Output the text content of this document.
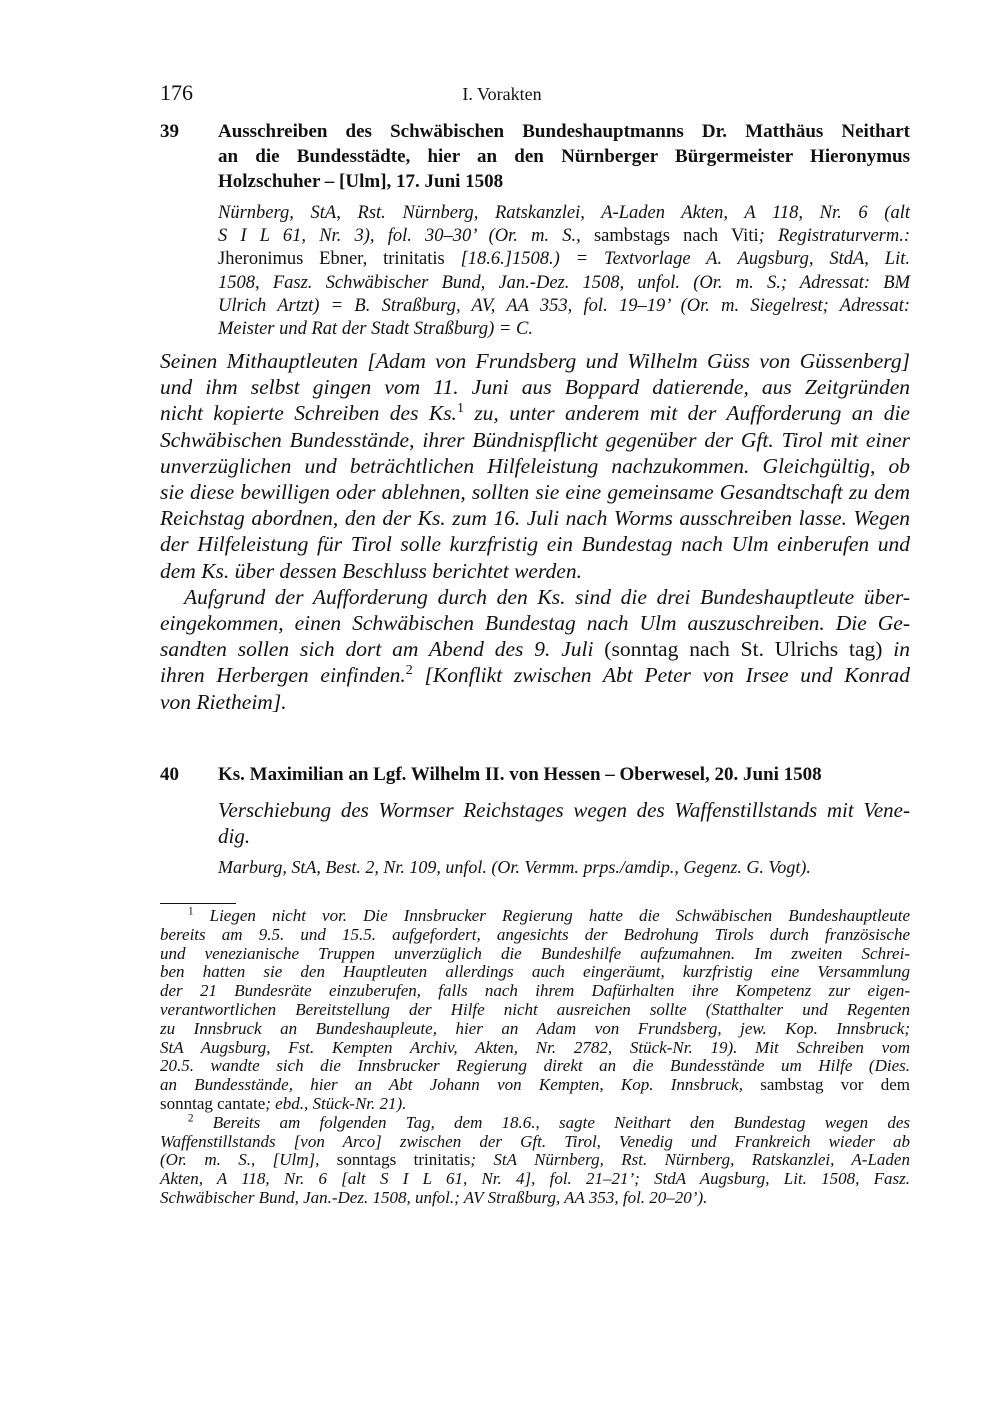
176	I. Vorakten
39 Ausschreiben des Schwäbischen Bundeshauptmanns Dr. Matthäus Neithart
an die Bundesstädte, hier an den Nürnberger Bürgermeister Hieronymus
Holzschuher – [Ulm], 17. Juni 1508
Nürnberg, StA, Rst. Nürnberg, Ratskanzlei, A-Laden Akten, A 118, Nr. 6 (alt
S I L 61, Nr. 3), fol. 30–30’ (Or. m. S., sambstags nach Viti; Registraturverm.:
Jheronimus Ebner, trinitatis [18.6.]1508.) = Textvorlage A. Augsburg, StdA, Lit.
1508, Fasz. Schwäbischer Bund, Jan.-Dez. 1508, unfol. (Or. m. S.; Adressat: BM
Ulrich Artzt) = B. Straßburg, AV, AA 353, fol. 19–19’ (Or. m. Siegelrest; Adressat:
Meister und Rat der Stadt Straßburg) = C.
Seinen Mithauptleuten [Adam von Frundsberg und Wilhelm Güss von Güssenberg]
und ihm selbst gingen vom 11. Juni aus Boppard datierende, aus Zeitgründen
nicht kopierte Schreiben des Ks.$^1$ zu, unter anderem mit der Aufforderung an die
Schwäbischen Bundesstände, ihrer Bündnispflicht gegenüber der Gft. Tirol mit einer
unverzüglichen und beträchtlichen Hilfeleistung nachzukommen. Gleichgültig, ob
sie diese bewilligen oder ablehnen, sollten sie eine gemeinsame Gesandtschaft zu dem
Reichstag abordnen, den der Ks. zum 16. Juli nach Worms ausschreiben lasse. Wegen
der Hilfeleistung für Tirol solle kurzfristig ein Bundestag nach Ulm einberufen und
dem Ks. über dessen Beschluss berichtet werden.
Aufgrund der Aufforderung durch den Ks. sind die drei Bundeshauptleute über-
eingekommen, einen Schwäbischen Bundestag nach Ulm auszuschreiben. Die Ge-
sandten sollen sich dort am Abend des 9. Juli (sonntag nach St. Ulrichs tag) in
ihren Herbergen einfinden.$^2$ [Konflikt zwischen Abt Peter von Irsee und Konrad
von Rietheim].
40 Ks. Maximilian an Lgf. Wilhelm II. von Hessen – Oberwesel, 20. Juni 1508
Verschiebung des Wormser Reichstages wegen des Waffenstillstands mit Vene-
dig.
Marburg, StA, Best. 2, Nr. 109, unfol. (Or. Vermm. prps./amdip., Gegenz. G. Vogt).
$^1$ Liegen nicht vor. Die Innsbrucker Regierung hatte die Schwäbischen Bundeshauptleute
bereits am 9.5. und 15.5. aufgefordert, angesichts der Bedrohung Tirols durch französische
und venezianische Truppen unverzüglich die Bundeshilfe aufzumahnen. Im zweiten Schrei-
ben hatten sie den Hauptleuten allerdings auch eingeräumt, kurzfristig eine Versammlung
der 21 Bundesräte einzuberufen, falls nach ihrem Dafürhalten ihre Kompetenz zur eigen-
verantwortlichen Bereitstellung der Hilfe nicht ausreichen sollte (Statthalter und Regenten
zu Innsbruck an Bundeshaupleute, hier an Adam von Frundsberg, jew. Kop. Innsbruck;
StA Augsburg, Fst. Kempten Archiv, Akten, Nr. 2782, Stück-Nr. 19). Mit Schreiben vom
20.5. wandte sich die Innsbrucker Regierung direkt an die Bundesstände um Hilfe (Dies.
an Bundesstände, hier an Abt Johann von Kempten, Kop. Innsbruck, sambstag vor dem
sonntag cantate; ebd., Stück-Nr. 21).
$^2$ Bereits am folgenden Tag, dem 18.6., sagte Neithart den Bundestag wegen des
Waffenstillstands [von Arco] zwischen der Gft. Tirol, Venedig und Frankreich wieder ab
(Or. m. S., [Ulm], sonntags trinitatis; StA Nürnberg, Rst. Nürnberg, Ratskanzlei, A-Laden
Akten, A 118, Nr. 6 [alt S I L 61, Nr. 4], fol. 21–21’; StdA Augsburg, Lit. 1508, Fasz.
Schwäbischer Bund, Jan.-Dez. 1508, unfol.; AV Straßburg, AA 353, fol. 20–20’).
